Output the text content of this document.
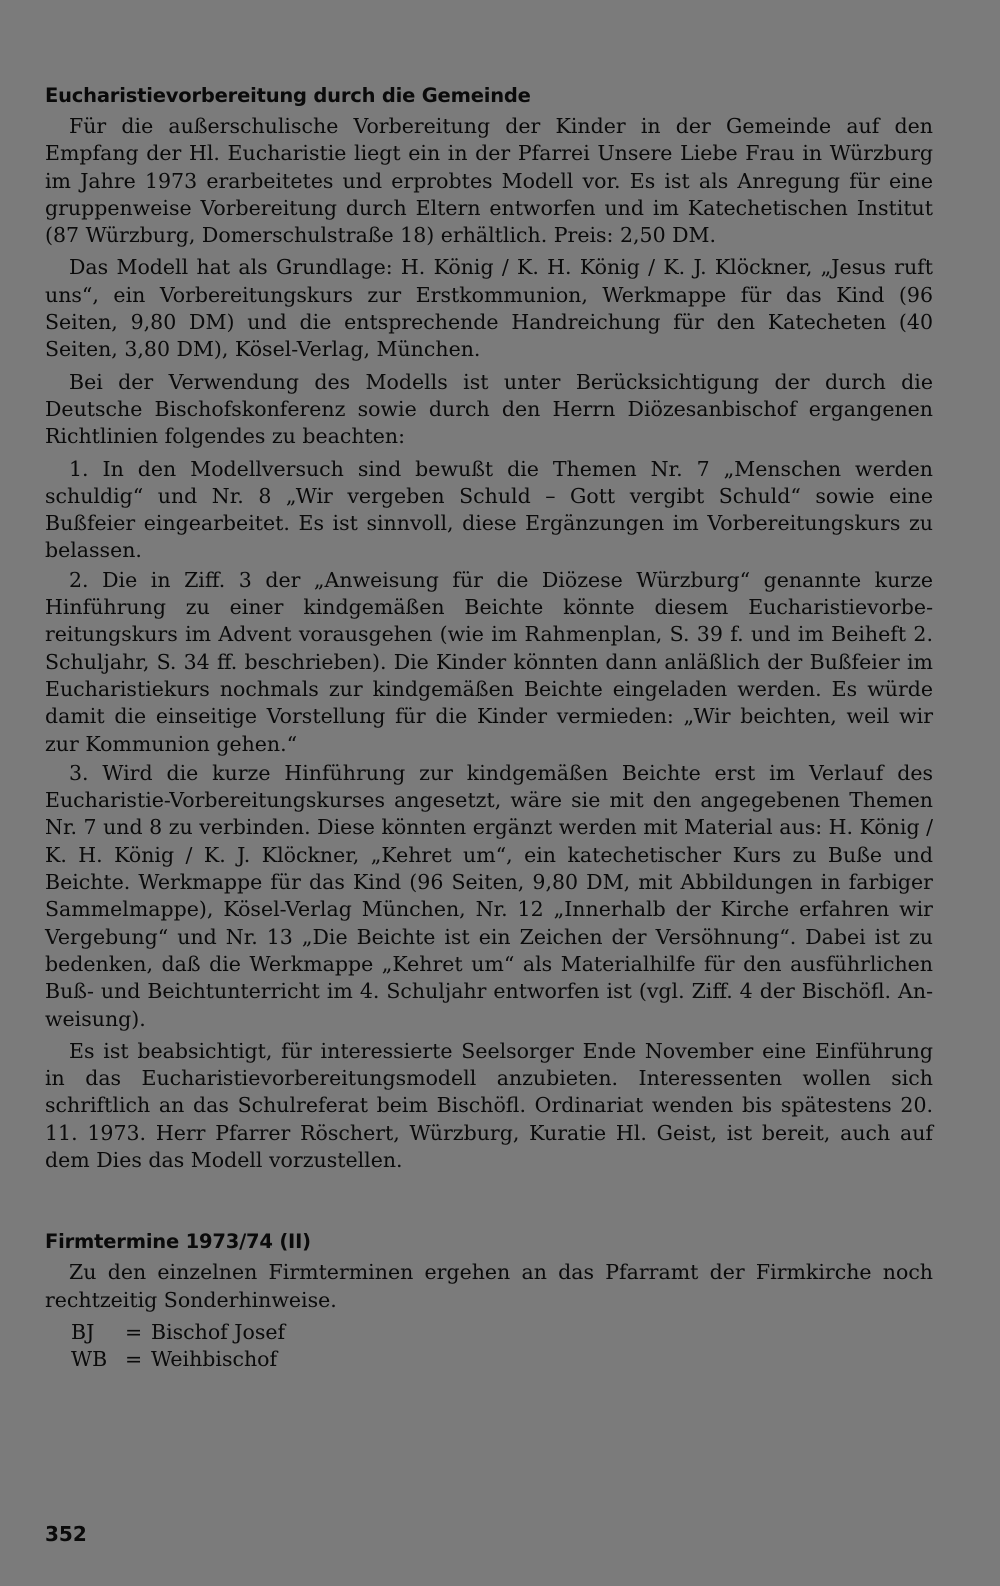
Eucharistievorbereitung durch die Gemeinde

Für die außerschulische Vorbereitung der Kinder in der Gemeinde auf den Empfang der Hl. Eucharistie liegt ein in der Pfarrei Unsere Liebe Frau in Würzburg im Jahre 1973 erarbeitetes und erprobtes Modell vor. Es ist als Anregung für eine gruppenweise Vorbereitung durch Eltern entworfen und im Katechetischen Institut (87 Würzburg, Domerschulstraße 18) erhältlich. Preis: 2,50 DM.

Das Modell hat als Grundlage: H. König / K. H. König / K. J. Klöckner, „Jesus ruft uns“, ein Vorbereitungskurs zur Erstkommunion, Werkmappe für das Kind (96 Seiten, 9,80 DM) und die entsprechende Handreichung für den Katecheten (40 Seiten, 3,80 DM), Kösel-Verlag, München.

Bei der Verwendung des Modells ist unter Berücksichtigung der durch die Deutsche Bischofskonferenz sowie durch den Herrn Diözesanbischof ergangenen Richtlinien folgendes zu beachten:

1. In den Modellversuch sind bewußt die Themen Nr. 7 „Menschen werden schuldig“ und Nr. 8 „Wir vergeben Schuld – Gott vergibt Schuld“ sowie eine Bußfeier eingearbeitet. Es ist sinnvoll, diese Ergänzungen im Vorbereitungskurs zu belassen.

2. Die in Ziff. 3 der „Anweisung für die Diözese Würzburg“ genannte kurze Hinführung zu einer kindgemäßen Beichte könnte diesem Eucharistievorbereitungskurs im Advent vorausgehen (wie im Rahmenplan, S. 39 f. und im Beiheft 2. Schuljahr, S. 34 ff. beschrieben). Die Kinder könnten dann anläßlich der Bußfeier im Eucharistiekurs nochmals zur kindgemäßen Beichte eingeladen werden. Es würde damit die einseitige Vorstellung für die Kinder vermieden: „Wir beichten, weil wir zur Kommunion gehen.“

3. Wird die kurze Hinführung zur kindgemäßen Beichte erst im Verlauf des Eucharistie-Vorbereitungskurses angesetzt, wäre sie mit den angegebenen Themen Nr. 7 und 8 zu verbinden. Diese könnten ergänzt werden mit Material aus: H. König / K. H. König / K. J. Klöckner, „Kehret um“, ein katechetischer Kurs zu Buße und Beichte. Werkmappe für das Kind (96 Seiten, 9,80 DM, mit Abbildungen in farbiger Sammelmappe), Kösel-Verlag München, Nr. 12 „Innerhalb der Kirche erfahren wir Vergebung“ und Nr. 13 „Die Beichte ist ein Zeichen der Versöhnung“. Dabei ist zu bedenken, daß die Werkmappe „Kehret um“ als Materialhilfe für den ausführlichen Buß- und Beichtunterricht im 4. Schuljahr entworfen ist (vgl. Ziff. 4 der Bischöfl. Anweisung).

Es ist beabsichtigt, für interessierte Seelsorger Ende November eine Einführung in das Eucharistievorbereitungsmodell anzubieten. Interessenten wollen sich schriftlich an das Schulreferat beim Bischöfl. Ordinariat wenden bis spätestens 20. 11. 1973. Herr Pfarrer Röschert, Würzburg, Kuratie Hl. Geist, ist bereit, auch auf dem Dies das Modell vorzustellen.

Firmtermine 1973/74 (II)

Zu den einzelnen Firmterminen ergehen an das Pfarramt der Firmkirche noch rechtzeitig Sonderhinweise.

BJ	= Bischof Josef
WB = Weihbischof
352
